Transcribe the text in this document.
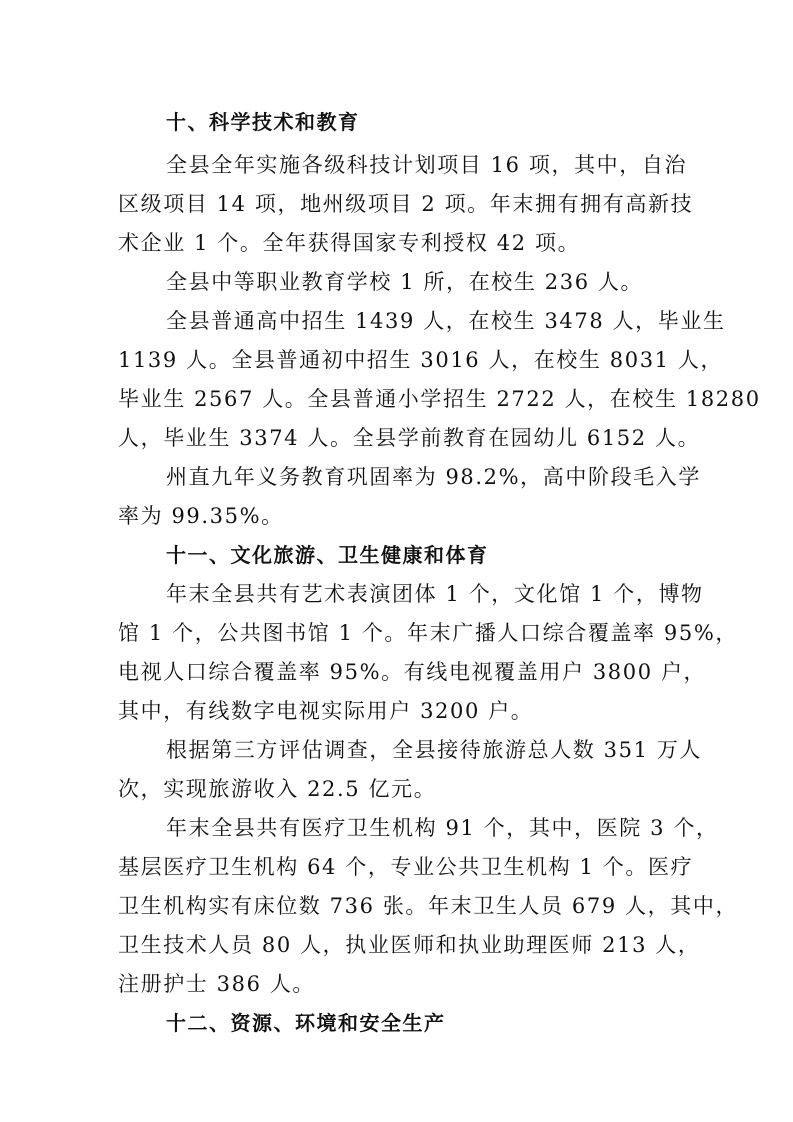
十、科学技术和教育
全县全年实施各级科技计划项目 16 项，其中，自治
区级项目 14 项，地州级项目 2 项。年末拥有拥有高新技
术企业 1 个。全年获得国家专利授权 42 项。
全县中等职业教育学校 1 所，在校生 236 人。
全县普通高中招生 1439 人，在校生 3478 人，毕业生
1139 人。全县普通初中招生 3016 人，在校生 8031 人，
毕业生 2567 人。全县普通小学招生 2722 人，在校生 18280
人，毕业生 3374 人。全县学前教育在园幼儿 6152 人。
州直九年义务教育巩固率为 98.2%，高中阶段毛入学
率为 99.35%。
十一、文化旅游、卫生健康和体育
年末全县共有艺术表演团体 1 个，文化馆 1 个，博物
馆 1 个，公共图书馆 1 个。年末广播人口综合覆盖率 95%，
电视人口综合覆盖率 95%。有线电视覆盖用户 3800 户，
其中，有线数字电视实际用户 3200 户。
根据第三方评估调查，全县接待旅游总人数 351 万人
次，实现旅游收入 22.5 亿元。
年末全县共有医疗卫生机构 91 个，其中，医院 3 个，
基层医疗卫生机构 64 个，专业公共卫生机构 1 个。医疗
卫生机构实有床位数 736 张。年末卫生人员 679 人，其中，
卫生技术人员 80 人，执业医师和执业助理医师 213 人，
注册护士 386 人。
十二、资源、环境和安全生产
